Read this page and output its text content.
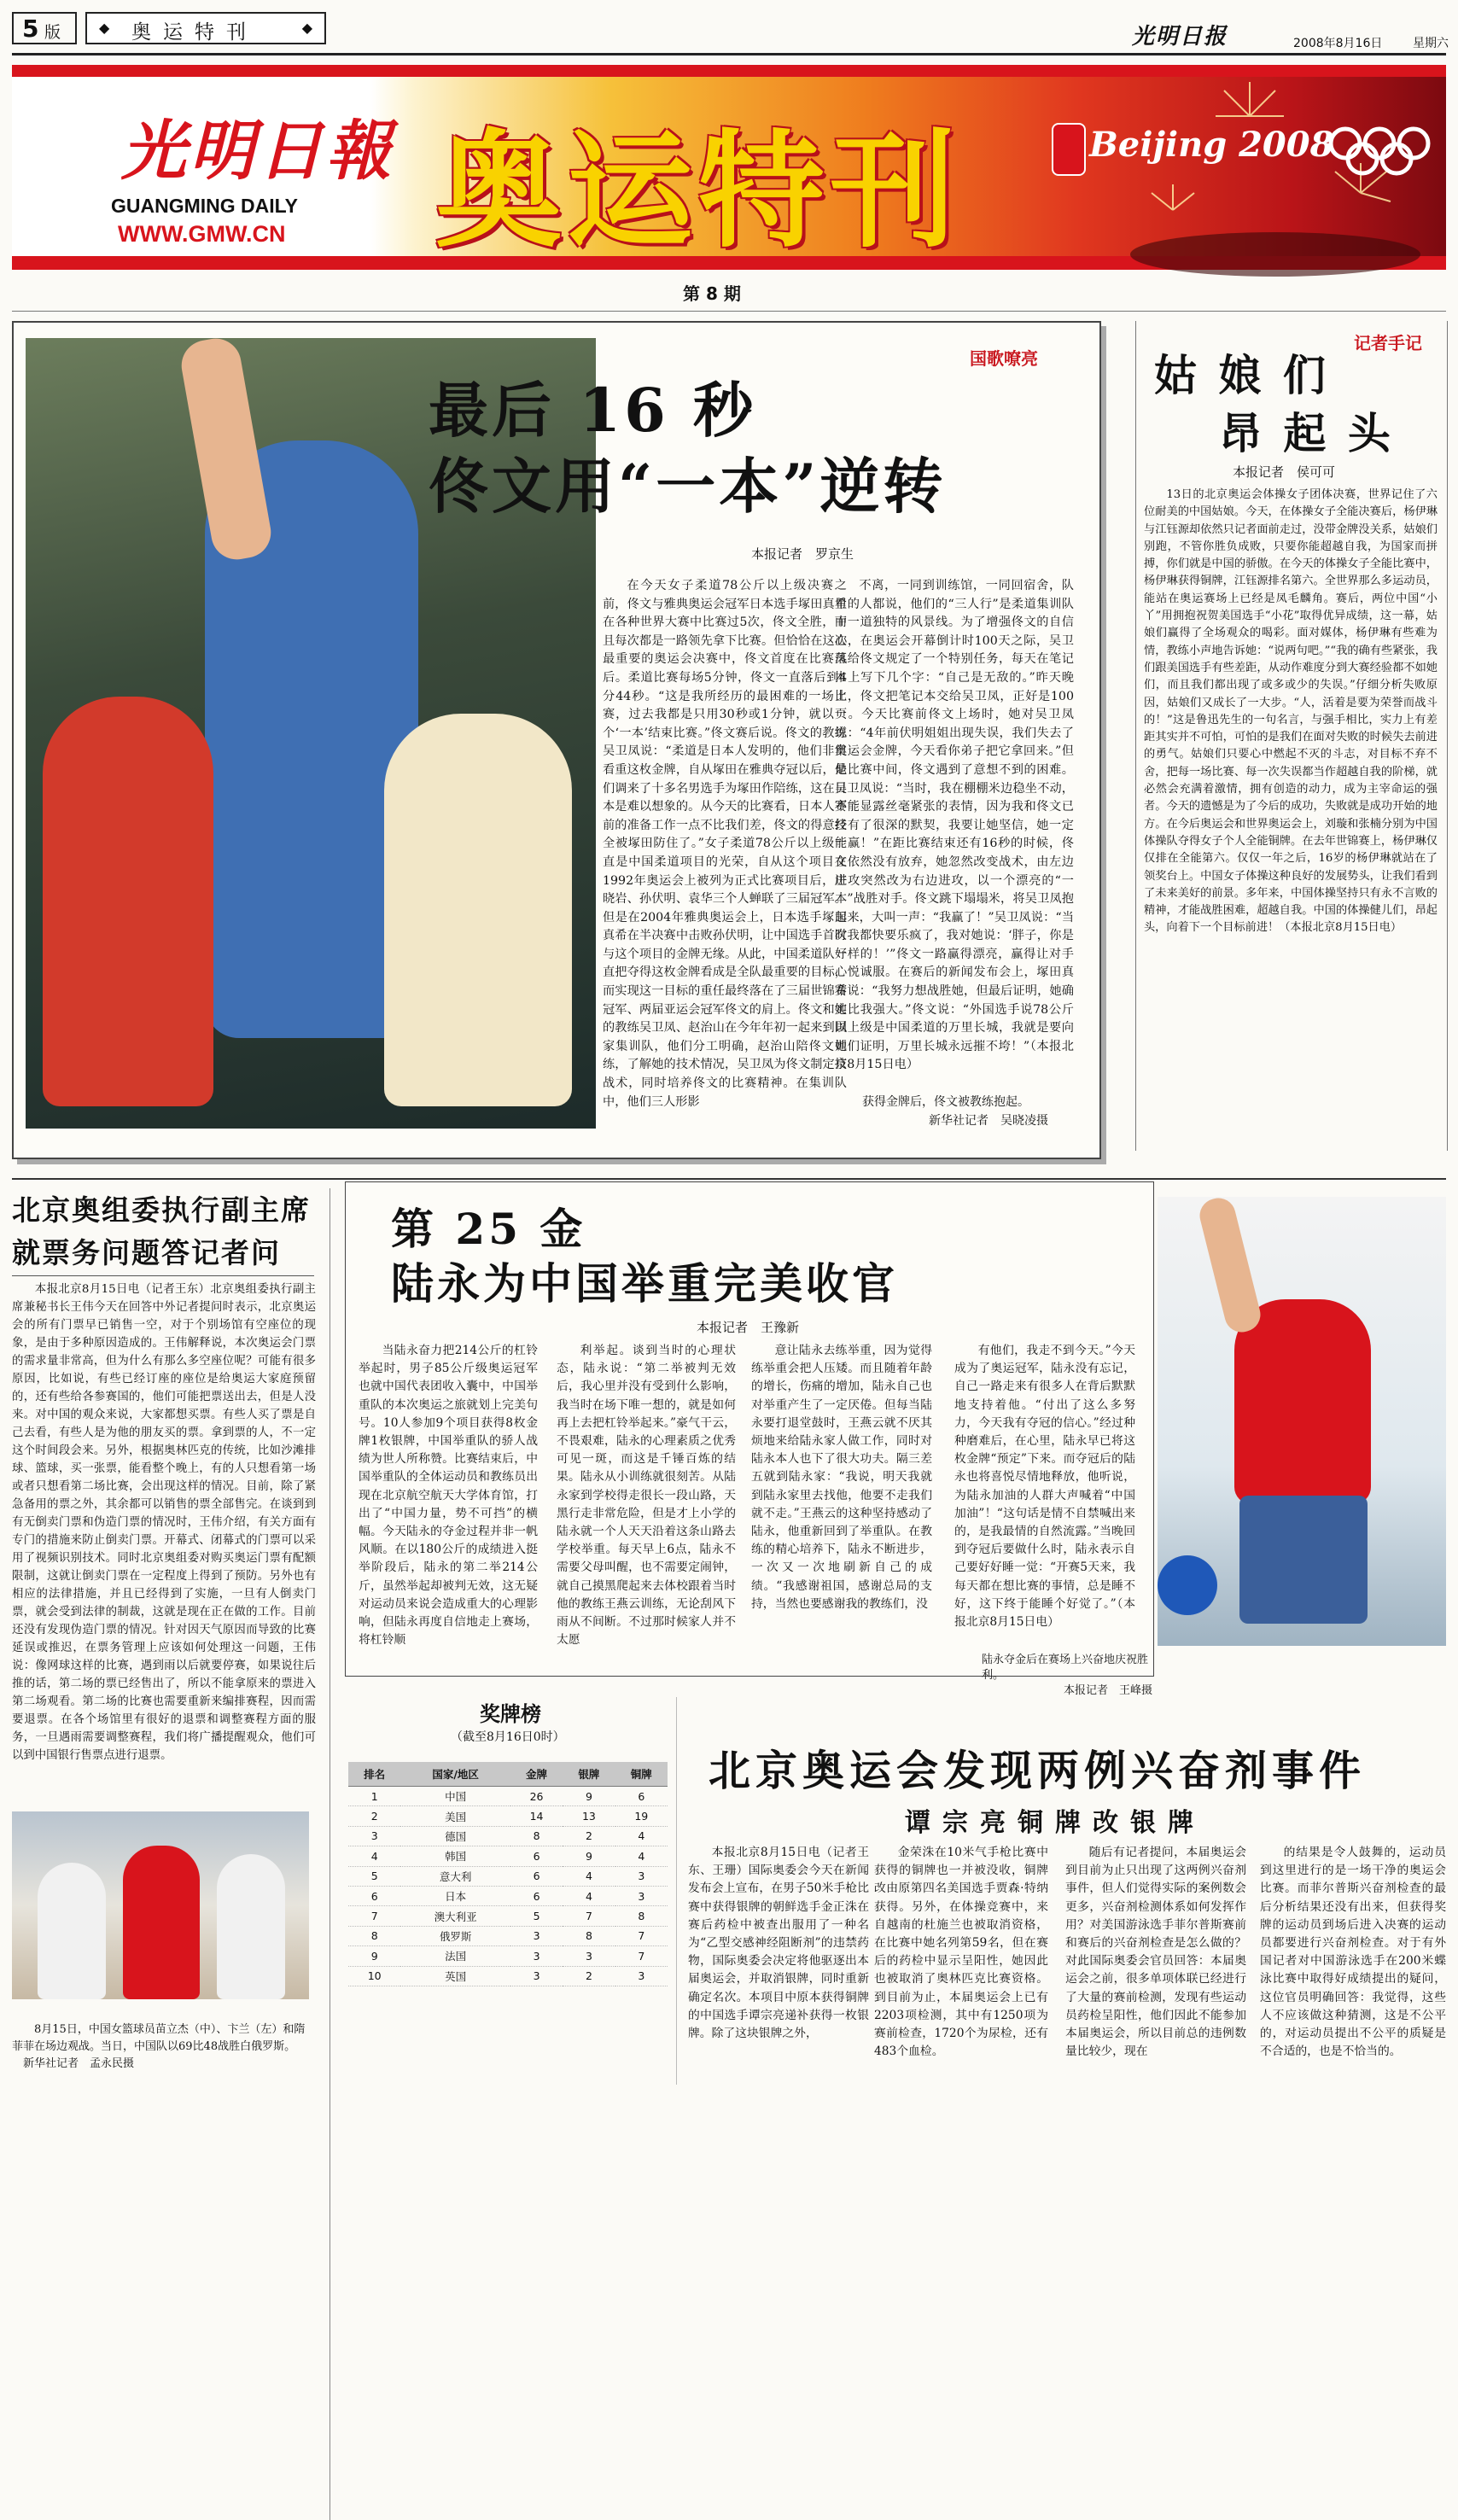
5 版	◆ 奥运特刊	◆	光明日报	2008年8月16日	星期六
光明日報
GUANGMING DAILY
WWW.GMW.CN 奥运特刊	Beijing 2008
第 8 期
国歌嘹亮
最后 16 秒
佟文用“一本”逆转
本报记者　罗京生
在今天女子柔道78公斤以上级决赛之前，佟文与雅典奥运会冠军日本选手塚田真希在各种世界大赛中比赛过5次，佟文全胜，而且每次都是一路领先拿下比赛。但恰恰在这次最重要的奥运会决赛中，佟文首度在比赛落后。柔道比赛每场5分钟，佟文一直落后到4分44秒。“这是我所经历的最困难的一场比赛，过去我都是只用30秒或1分钟，就以一个‘一本’结束比赛。”佟文赛后说。佟文的教练吴卫凤说：“柔道是日本人发明的，他们非常看重这枚金牌，自从塚田在雅典夺冠以后，他们调来了十多名男选手为塚田作陪练，这在日本是难以想象的。从今天的比赛看，日本人赛前的准备工作一点不比我们差，佟文的得意技全被塚田防住了。”女子柔道78公斤以上级一直是中国柔道项目的光荣，自从这个项目在1992年奥运会上被列为正式比赛项目后，庄晓岩、孙伏明、袁华三个人蝉联了三届冠军。但是在2004年雅典奥运会上，日本选手塚田真希在半决赛中击败孙伏明，让中国选手首次与这个项目的金牌无缘。从此，中国柔道队一直把夺得这枚金牌看成是全队最重要的目标，而实现这一目标的重任最终落在了三届世锦赛冠军、两届亚运会冠军佟文的肩上。佟文和她的教练吴卫凤、赵治山在今年年初一起来到国家集训队，他们分工明确，赵治山陪佟文训练，了解她的技术情况，吴卫凤为佟文制定技战术，同时培养佟文的比赛精神。在集训队中，他们三人形影
不离，一同到训练馆，一同回宿舍，队里的人都说，他们的“三人行”是柔道集训队中一道独特的风景线。为了增强佟文的自信心，在奥运会开幕倒计时100天之际，吴卫凤给佟文规定了一个特别任务，每天在笔记本上写下几个字：“自己是无敌的。”昨天晚上，佟文把笔记本交给吴卫凤，正好是100页。今天比赛前佟文上场时，她对吴卫凤说：“4年前伏明姐姐出现失误，我们失去了奥运会金牌，今天看你弟子把它拿回来。”但是比赛中间，佟文遇到了意想不到的困难。吴卫凤说：“当时，我在棚棚米边稳坐不动，不能显露丝毫紧张的表情，因为我和佟文已经有了很深的默契，我要让她坚信，她一定能赢！”在距比赛结束还有16秒的时候，佟文依然没有放弃，她忽然改变战术，由左边进攻突然改为右边进攻，以一个漂亮的“一本”战胜对手。佟文跳下塌塌米，将吴卫凤抱起来，大叫一声：“我赢了！”吴卫凤说：“当时我都快要乐疯了，我对她说：‘胖子，你是好样的！’”佟文一路赢得漂亮，赢得让对手心悦诚服。在赛后的新闻发布会上，塚田真希说：“我努力想战胜她，但最后证明，她确实比我强大。”佟文说：“外国选手说78公斤以上级是中国柔道的万里长城，我就是要向她们证明，万里长城永远摧不垮！”（本报北京8月15日电）
获得金牌后，佟文被教练抱起。
新华社记者　吴晓凌摄
记者手记
姑 娘 们
昂 起 头
本报记者　侯可可
13日的北京奥运会体操女子团体决赛，世界记住了六位耐美的中国姑娘。今天，在体操女子全能决赛后，杨伊琳与江钰源却依然只记者面前走过，没带金牌没关系，姑娘们别跑，不管你胜负成败，只要你能超越自我，为国家而拼搏，你们就是中国的骄傲。在今天的体操女子全能比赛中，杨伊琳获得铜牌，江钰源排名第六。全世界那么多运动员，能站在奥运赛场上已经是凤毛麟角。赛后，两位中国“小丫”用拥抱祝贺美国选手“小花”取得优异成绩，这一幕，姑娘们赢得了全场观众的喝彩。面对媒体，杨伊琳有些难为情，教练小声地告诉她：“说两句吧。”“我的确有些紧张，我们跟美国选手有些差距，从动作难度分到大赛经验都不如她们，而且我们都出现了或多或少的失误。”仔细分析失败原因，姑娘们又成长了一大步。“人，活着是要为荣誉而战斗的！”这是鲁迅先生的一句名言，与强手相比，实力上有差距其实并不可怕，可怕的是我们在面对失败的时候失去前进的勇气。姑娘们只要心中燃起不灭的斗志，对目标不弃不舍，把每一场比赛、每一次失误都当作超越自我的阶梯，就必然会充满着激情，拥有创造的动力，成为主宰命运的强者。今天的遗憾是为了今后的成功，失败就是成功开始的地方。在今后奥运会和世界奥运会上，刘璇和张楠分别为中国体操队夺得女子个人全能铜牌。在去年世锦赛上，杨伊琳仅仅排在全能第六。仅仅一年之后，16岁的杨伊琳就站在了领奖台上。中国女子体操这种良好的发展势头，让我们看到了未来美好的前景。多年来，中国体操坚持只有永不言败的精神，才能战胜困难，超越自我。中国的体操健儿们，昂起头，向着下一个目标前进！（本报北京8月15日电）
北京奥组委执行副主席
就票务问题答记者问
本报北京8月15日电（记者王东）北京奥组委执行副主席兼秘书长王伟今天在回答中外记者提问时表示，北京奥运会的所有门票早已销售一空，对于个别场馆有空座位的现象，是由于多种原因造成的。王伟解释说，本次奥运会门票的需求量非常高，但为什么有那么多空座位呢？可能有很多原因，比如说，有些已经订座的座位是给奥运大家庭预留的，还有些给各参赛国的，他们可能把票送出去，但是人没来。对中国的观众来说，大家都想买票。有些人买了票是自己去看，有些人是为他的朋友买的票。拿到票的人，不一定这个时间段会来。另外，根据奥林匹克的传统，比如沙滩排球、篮球，买一张票，能看整个晚上，有的人只想看第一场或者只想看第二场比赛，会出现这样的情况。目前，除了紧急备用的票之外，其余都可以销售的票全部售完。在谈到到有无倒卖门票和伪造门票的情况时，王伟介绍，有关方面有专门的措施来防止倒卖门票。开幕式、闭幕式的门票可以采用了视频识别技术。同时北京奥组委对购买奥运门票有配额限制，这就让倒卖门票在一定程度上得到了预防。另外也有相应的法律措施，并且已经得到了实施，一旦有人倒卖门票，就会受到法律的制裁，这就是现在正在做的工作。目前还没有发现伪造门票的情况。针对因天气原因而导致的比赛延误或推迟，在票务管理上应该如何处理这一问题，王伟说：像网球这样的比赛，遇到雨以后就要停赛，如果说往后推的话，第二场的票已经售出了，所以不能拿原来的票进入第二场观看。第二场的比赛也需要重新来编排赛程，因而需要退票。在各个场馆里有很好的退票和调整赛程方面的服务，一旦遇雨需要调整赛程，我们将广播提醒观众，他们可以到中国银行售票点进行退票。
第 25 金
陆永为中国举重完美收官
本报记者　王豫新
当陆永奋力把214公斤的杠铃举起时，男子85公斤级奥运冠军也就中国代表团收入囊中，中国举重队的本次奥运之旅就划上完美句号。10人参加9个项目获得8枚金牌1枚银牌，中国举重队的骄人战绩为世人所称赞。比赛结束后，中国举重队的全体运动员和教练员出现在北京航空航天大学体育馆，打出了“中国力量，势不可挡”的横幅。今天陆永的夺金过程并非一帆风顺。在以180公斤的成绩进入挺举阶段后，陆永的第二举214公斤，虽然举起却被判无效，这无疑对运动员来说会造成重大的心理影响，但陆永再度自信地走上赛场，将杠铃顺
利举起。谈到当时的心理状态，陆永说：“第二举被判无效后，我心里并没有受到什么影响，我当时在场下唯一想的，就是如何再上去把杠铃举起来。”豪气干云，不畏艰难，陆永的心理素质之优秀可见一斑，而这是千锤百炼的结果。陆永从小训练就很刻苦。从陆永家到学校得走很长一段山路，天黑行走非常危险，但是才上小学的陆永就一个人天天沿着这条山路去学校举重。每天早上6点，陆永不需要父母叫醒，也不需要定闹钟，就自己摸黑爬起来去体校跟着当时他的教练王燕云训练，无论刮风下雨从不间断。不过那时候家人并不太愿
意让陆永去练举重，因为觉得练举重会把人压矮。而且随着年龄的增长，伤痛的增加，陆永自己也对举重产生了一定厌倦。但每当陆永要打退堂鼓时，王燕云就不厌其烦地来给陆永家人做工作，同时对陆永本人也下了很大功夫。隔三差五就到陆永家：“我说，明天我就到陆永家里去找他，他要不走我们就不走。”王燕云的这种坚持感动了陆永，他重新回到了举重队。在教练的精心培养下，陆永不断进步，一次又一次地刷新自己的成绩。“我感谢祖国，感谢总局的支持，当然也要感谢我的教练们，没
有他们，我走不到今天。”今天成为了奥运冠军，陆永没有忘记，自己一路走来有很多人在背后默默地支持着他。“付出了这么多努力，今天我有夺冠的信心。”经过种种磨难后，在心里，陆永早已将这枚金牌“预定”下来。而夺冠后的陆永也将喜悦尽情地释放，他听说，为陆永加油的人群大声喊着“中国加油”！“这句话是情不自禁喊出来的，是我最情的自然流露。”当晚回到夺冠后要做什么时，陆永表示自己要好好睡一觉：“开赛5天来，我每天都在想比赛的事情，总是睡不好，这下终于能睡个好觉了。”（本报北京8月15日电）
陆永夺金后在赛场上兴奋地庆祝胜利。
本报记者　王峰摄
奖牌榜
（截至8月16日0时）
排名	国家/地区	金牌	银牌	铜牌
1	中国	26	9	6
2	美国	14	13	19
3	德国	8	2	4
4	韩国	6	9	4
5	意大利	6	4	3
6	日本	6	4	3
7	澳大利亚	5	7	8
8	俄罗斯	3	8	7
9	法国	3	3	7
10	英国	3	2	3
8月15日，中国女篮球员苗立杰（中）、卞兰（左）和隋菲菲在场边观战。当日，中国队以69比48战胜白俄罗斯。 新华社记者　孟永民摄
北京奥运会发现两例兴奋剂事件
谭宗亮铜牌改银牌
本报北京8月15日电（记者王东、王珊）国际奥委会今天在新闻发布会上宣布，在男子50米手枪比赛中获得银牌的朝鲜选手金正洙在赛后药检中被查出服用了一种名为“乙型交感神经阻断剂”的违禁药物，国际奥委会决定将他驱逐出本届奥运会，并取消银牌，同时重新确定名次。本项目中原本获得铜牌的中国选手谭宗亮递补获得一枚银牌。除了这块银牌之外，
金荣洙在10米气手枪比赛中获得的铜牌也一并被没收，铜牌改由原第四名美国选手贾森·特纳获得。另外，在体操竞赛中，来自越南的杜施兰也被取消资格，在比赛中她名列第59名，但在赛后的药检中显示呈阳性，她因此也被取消了奥林匹克比赛资格。到目前为止，本届奥运会上已有2203项检测，其中有1250项为赛前检查，1720个为尿检，还有483个血检。
随后有记者提问，本届奥运会到目前为止只出现了这两例兴奋剂事件，但人们觉得实际的案例数会更多，兴奋剂检测体系如何发挥作用？对美国游泳选手菲尔普斯赛前和赛后的兴奋剂检查是怎么做的？对此国际奥委会官员回答：本届奥运会之前，很多单项体联已经进行了大量的赛前检测，发现有些运动员药检呈阳性，他们因此不能参加本届奥运会，所以目前总的违例数量比较少，现在
的结果是令人鼓舞的，运动员到这里进行的是一场干净的奥运会比赛。而菲尔普斯兴奋剂检查的最后分析结果还没有出来，但获得奖牌的运动员到场后进入决赛的运动员都要进行兴奋剂检查。对于有外国记者对中国游泳选手在200米蝶泳比赛中取得好成绩提出的疑问，这位官员明确回答：我觉得，这些人不应该做这种猜测，这是不公平的，对运动员提出不公平的质疑是不合适的，也是不恰当的。
